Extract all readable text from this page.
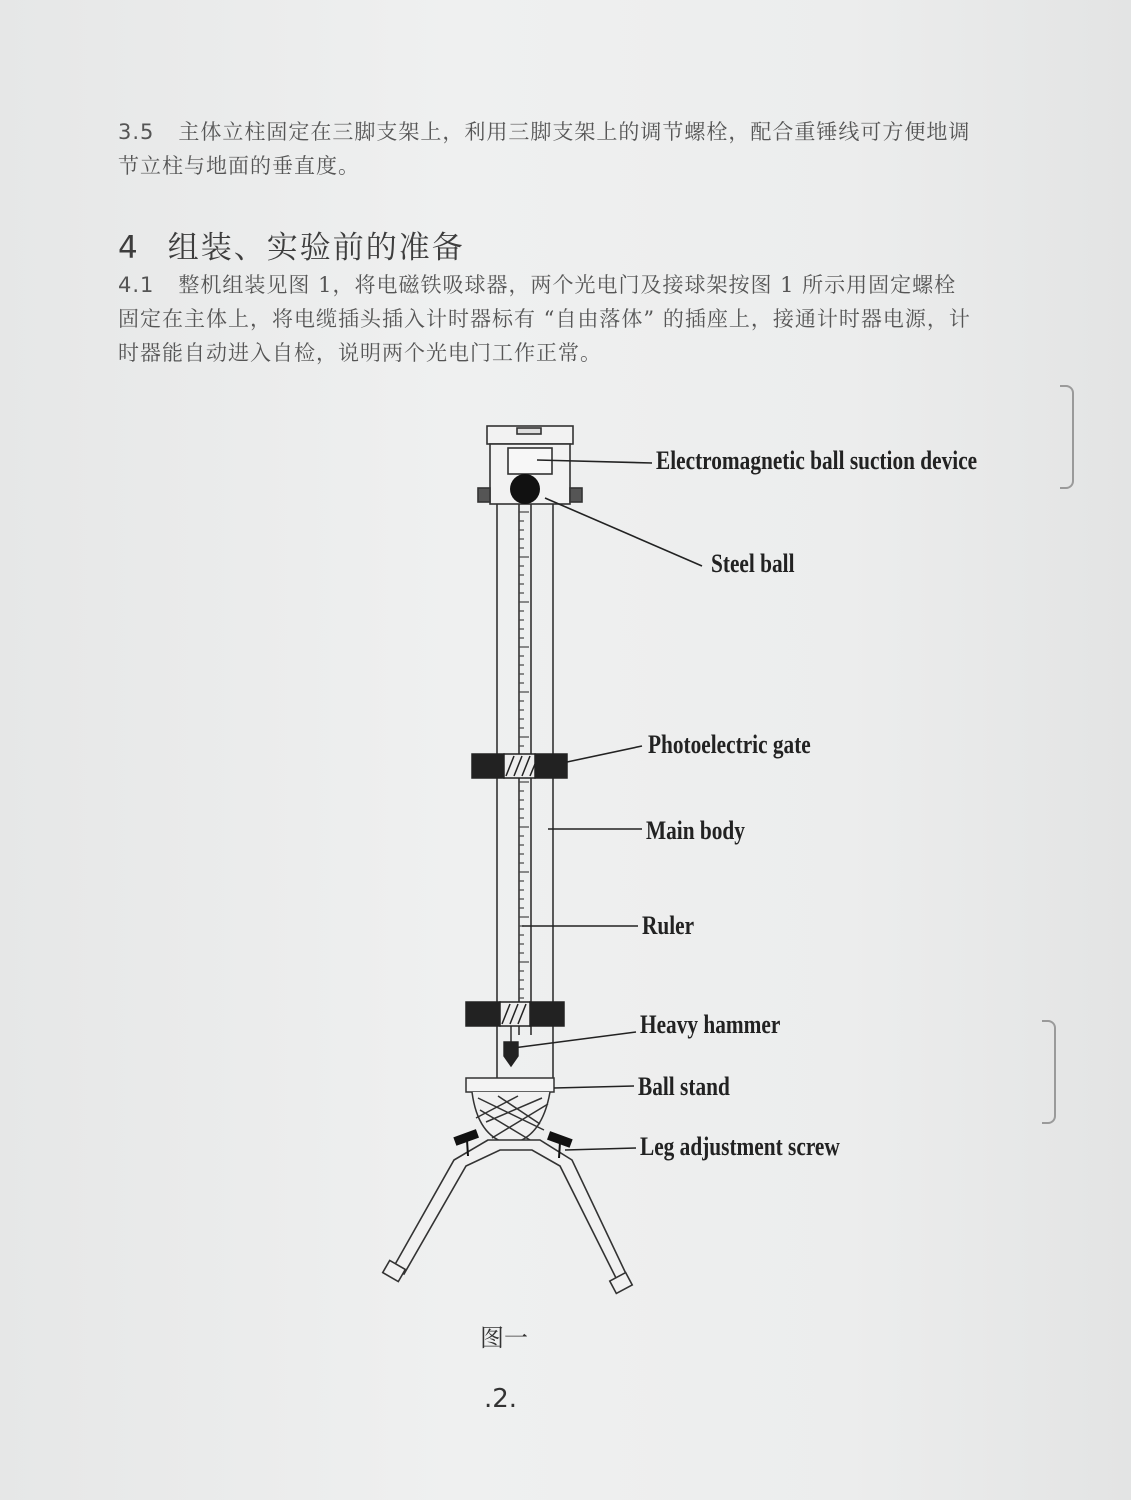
3.5 主体立柱固定在三脚支架上，利用三脚支架上的调节螺栓，配合重锤线可方便地调节立柱与地面的垂直度。
4 组装、实验前的准备
4.1 整机组装见图 1，将电磁铁吸球器，两个光电门及接球架按图 1 所示用固定螺栓固定在主体上，将电缆插头插入计时器标有 “自由落体” 的插座上，接通计时器电源，计时器能自动进入自检，说明两个光电门工作正常。
Electromagnetic ball suction device
Steel ball
Photoelectric gate
Main body
Ruler
Heavy hammer
Ball stand
Leg adjustment screw
图一
.2.
